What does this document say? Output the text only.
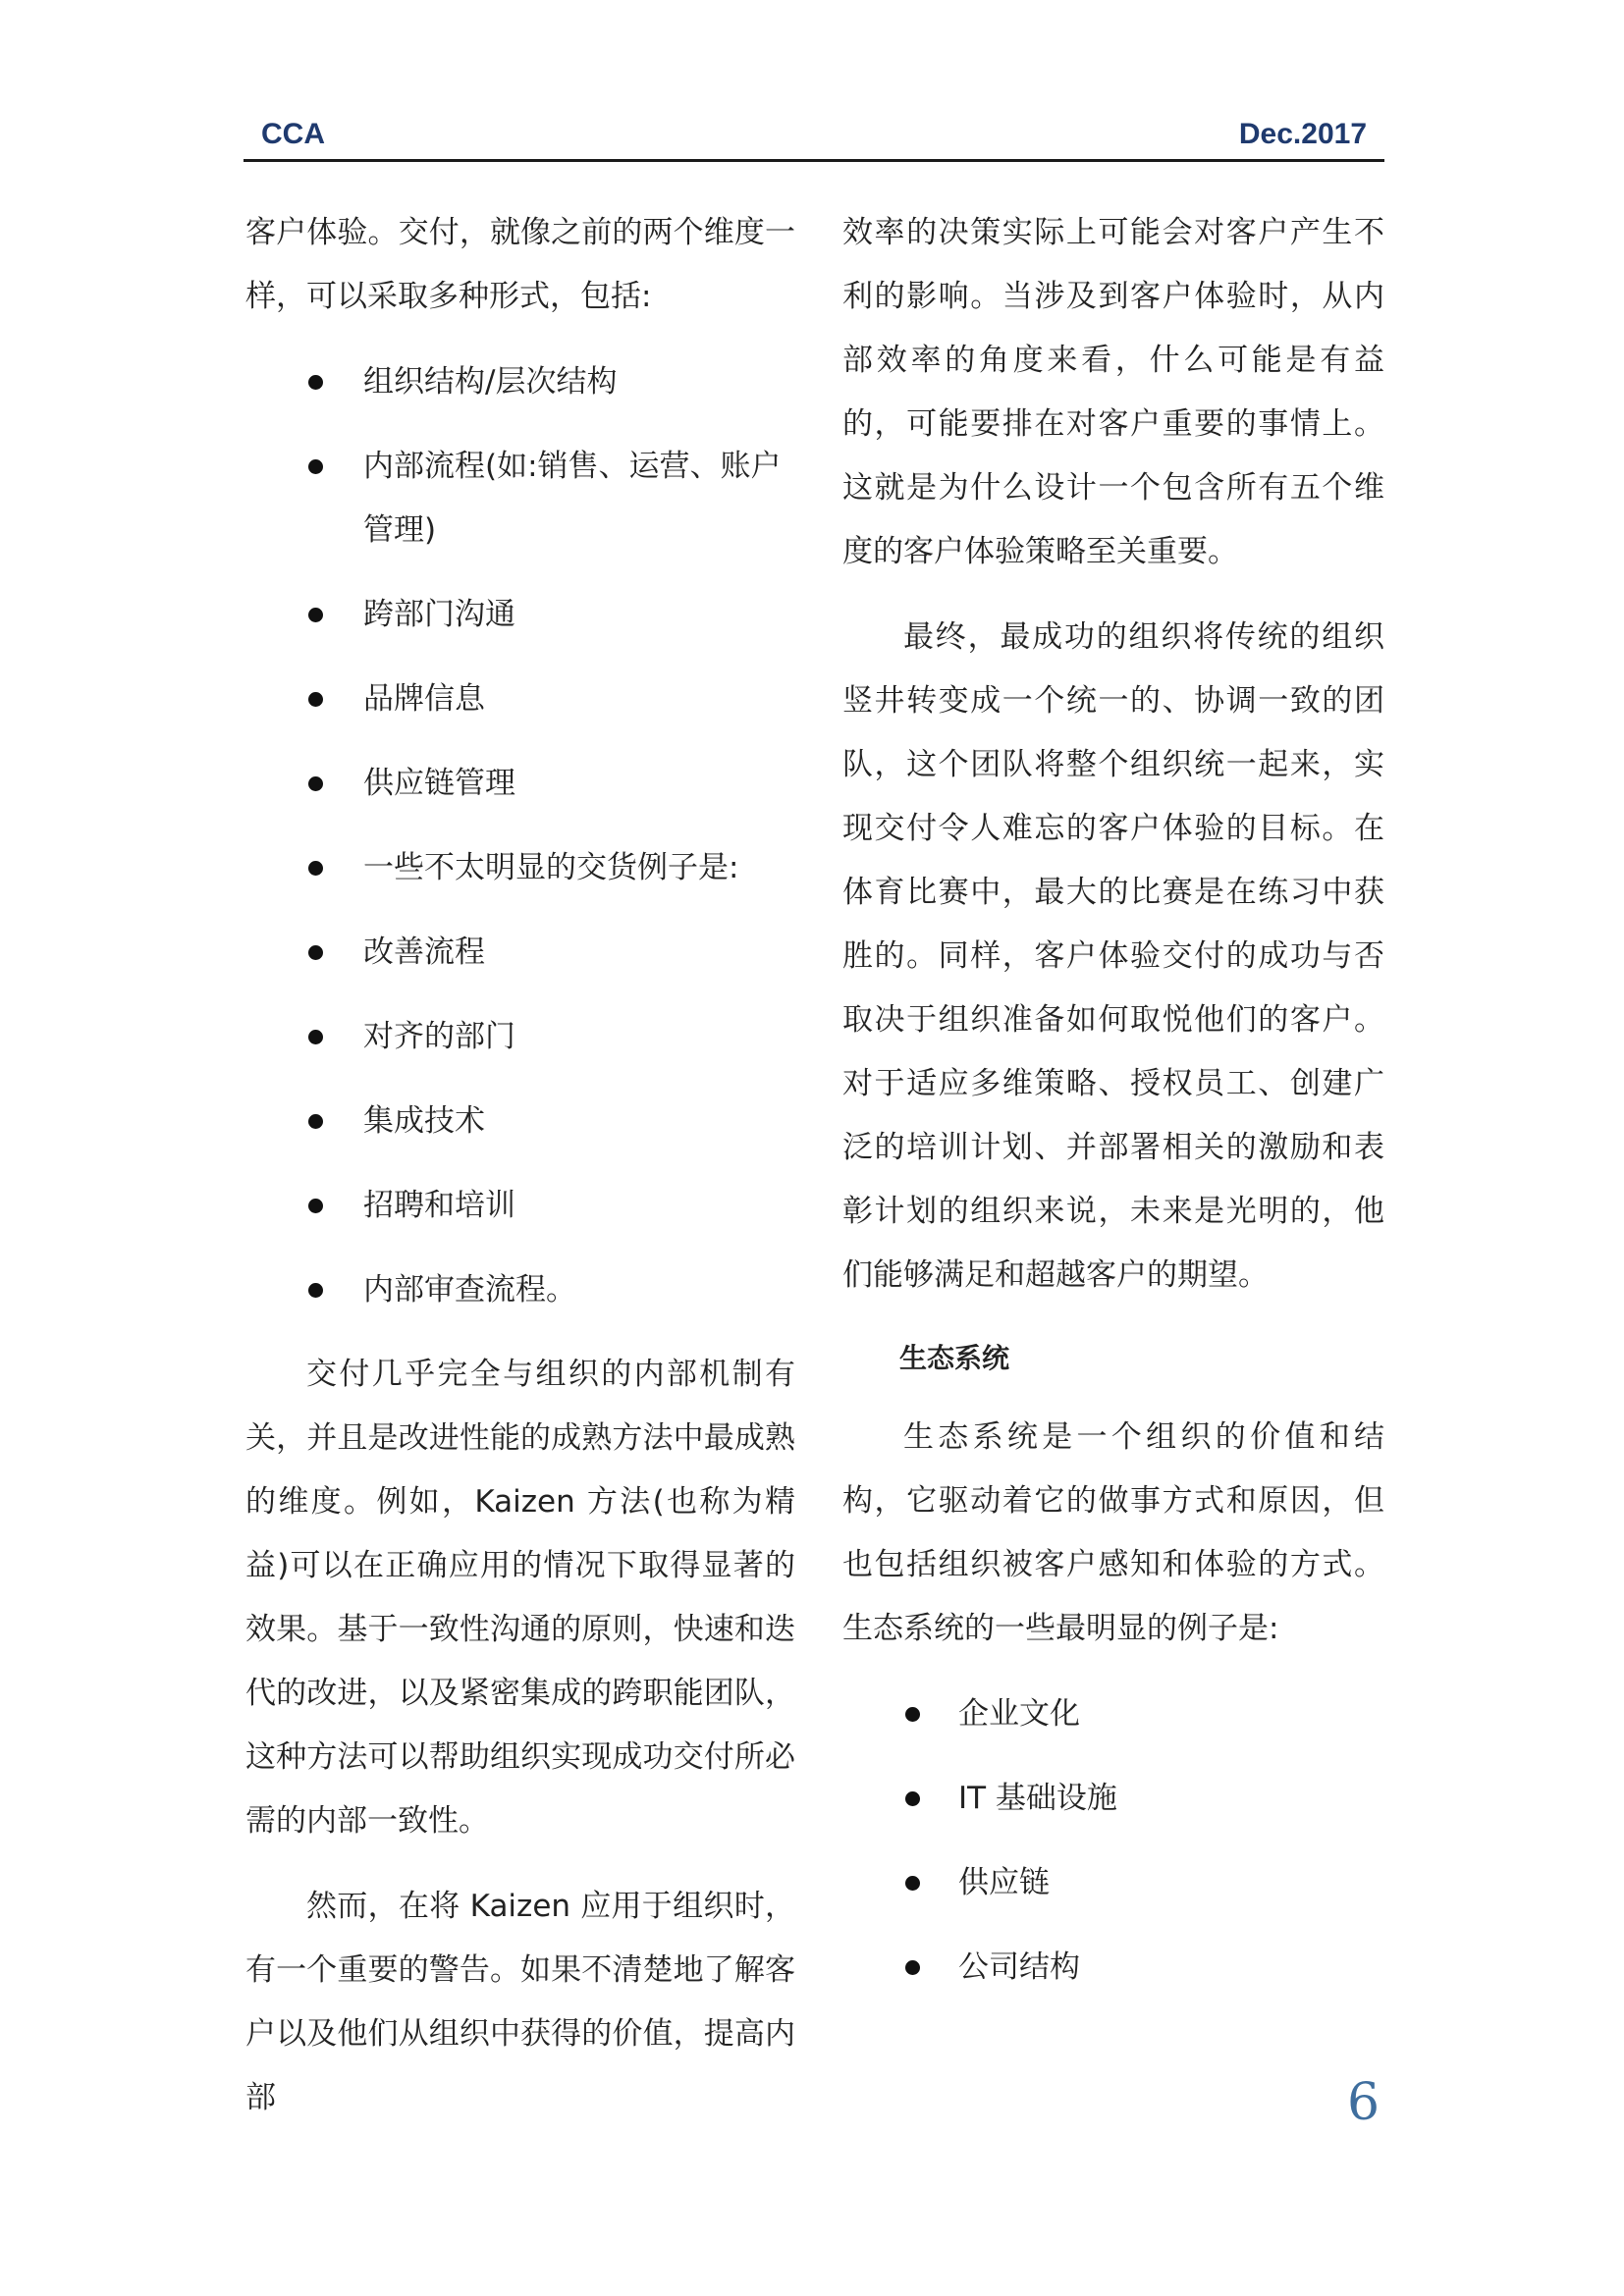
CCA	Dec.2017

客户体验。交付，就像之前的两个维度一样，可以采取多种形式，包括:

组织结构/层次结构
内部流程(如:销售、运营、账户管理)
跨部门沟通
品牌信息
供应链管理
一些不太明显的交货例子是:
改善流程
对齐的部门
集成技术
招聘和培训
内部审查流程。

交付几乎完全与组织的内部机制有关，并且是改进性能的成熟方法中最成熟的维度。例如，Kaizen 方法(也称为精益)可以在正确应用的情况下取得显著的效果。基于一致性沟通的原则，快速和迭代的改进，以及紧密集成的跨职能团队，这种方法可以帮助组织实现成功交付所必需的内部一致性。

然而，在将 Kaizen 应用于组织时，有一个重要的警告。如果不清楚地了解客户以及他们从组织中获得的价值，提高内部

效率的决策实际上可能会对客户产生不利的影响。当涉及到客户体验时，从内部效率的角度来看，什么可能是有益的，可能要排在对客户重要的事情上。这就是为什么设计一个包含所有五个维度的客户体验策略至关重要。

最终，最成功的组织将传统的组织竖井转变成一个统一的、协调一致的团队，这个团队将整个组织统一起来，实现交付令人难忘的客户体验的目标。在体育比赛中，最大的比赛是在练习中获胜的。同样，客户体验交付的成功与否取决于组织准备如何取悦他们的客户。对于适应多维策略、授权员工、创建广泛的培训计划、并部署相关的激励和表彰计划的组织来说，未来是光明的，他们能够满足和超越客户的期望。

生态系统

生态系统是一个组织的价值和结构，它驱动着它的做事方式和原因，但也包括组织被客户感知和体验的方式。生态系统的一些最明显的例子是:

企业文化
IT 基础设施
供应链
公司结构
6
